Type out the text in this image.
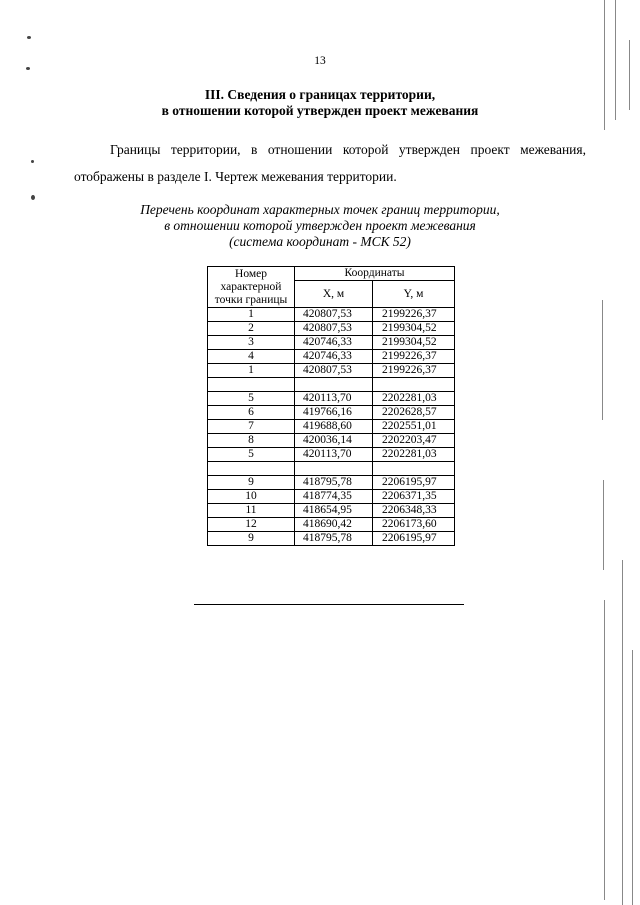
13
III. Сведения о границах территории,
в отношении которой утвержден проект межевания
Границы территории, в отношении которой утвержден проект межевания,
отображены в разделе I. Чертеж межевания территории.
Перечень координат характерных точек границ территории,
в отношении которой утвержден проект межевания
(система координат - МСК 52)
Номер характерной точки границы	Координаты	
	X, м	Y, м
1	420807,53	2199226,37
2	420807,53	2199304,52
3	420746,33	2199304,52
4	420746,33	2199226,37
1	420807,53	2199226,37

5	420113,70	2202281,03
6	419766,16	2202628,57
7	419688,60	2202551,01
8	420036,14	2202203,47
5	420113,70	2202281,03

9	418795,78	2206195,97
10	418774,35	2206371,35
11	418654,95	2206348,33
12	418690,42	2206173,60
9	418795,78	2206195,97
